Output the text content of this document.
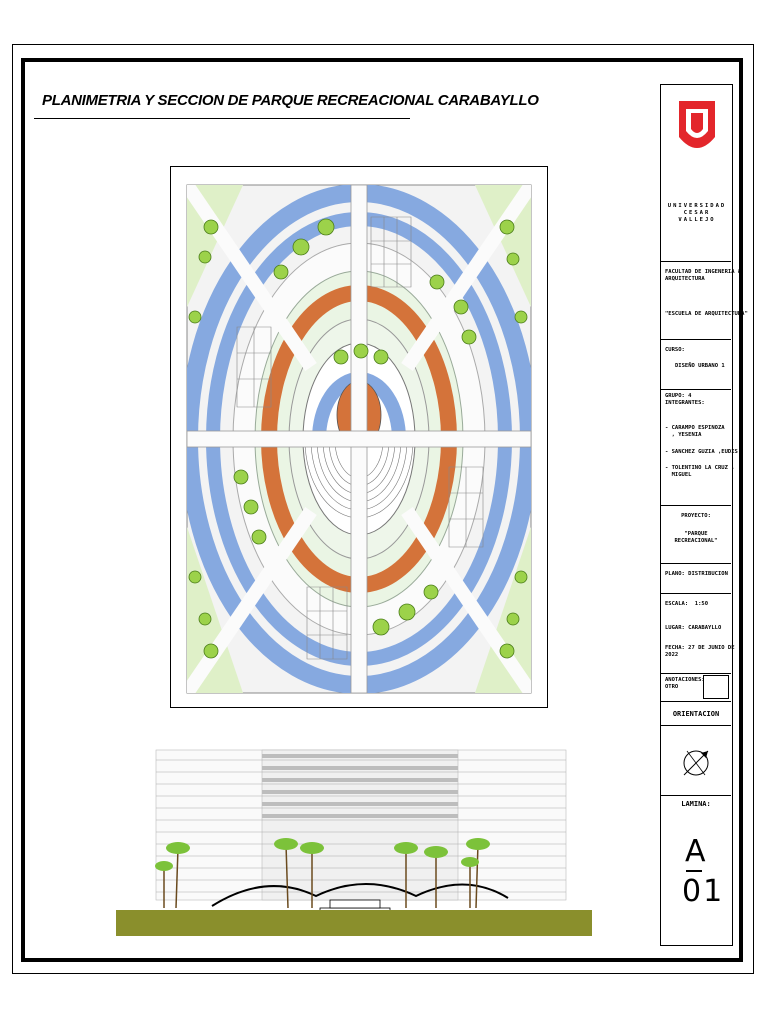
PLANIMETRIA Y SECCION DE PARQUE RECREACIONAL CARABAYLLO
UNIVERSIDAD
CESAR
VALLEJO
FACULTAD DE INGENERIA &
ARQUITECTURA
"ESCUELA DE ARQUITECTURA"
CURSO:
DISEÑO URBANO 1
GRUPO: 4
INTEGRANTES:
- CARAMPO ESPINOZA
, YESENIA
- SANCHEZ GUZIA ,EUDIS
- TOLENTINO LA CRUZ ,
MIGUEL
PROYECTO:
"PARQUE
RECREACIONAL"
PLANO: DISTRIBUCION
ESCALA:  1:50
LUGAR: CARABAYLLO
FECHA: 27 DE JUNIO DE
2022
ANOTACIONES:
OTRO
ORIENTACION
LAMINA:
A
01
